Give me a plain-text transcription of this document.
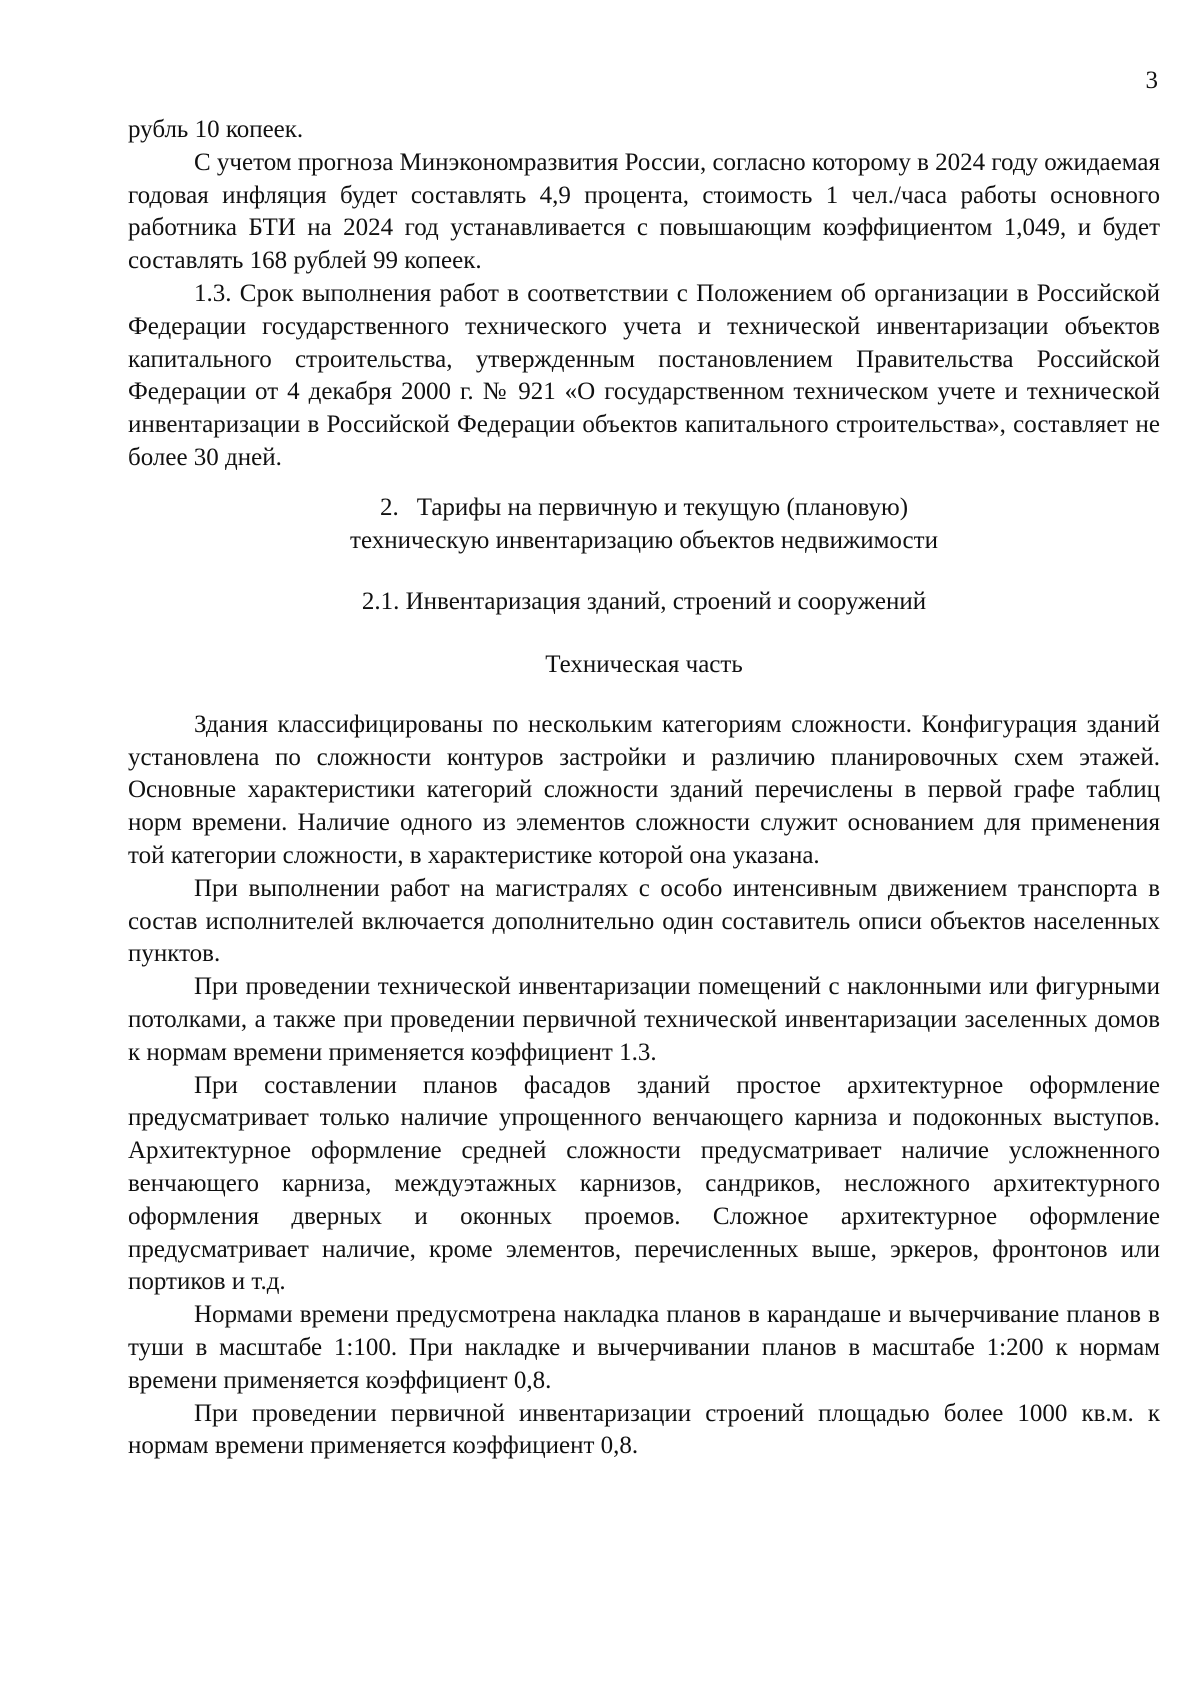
3

рубль 10 копеек.

С учетом прогноза Минэкономразвития России, согласно которому в 2024 году ожидаемая годовая инфляция будет составлять 4,9 процента, стоимость 1 чел./часа работы основного работника БТИ на 2024 год устанавливается с повышающим коэффициентом 1,049, и будет составлять 168 рублей 99 копеек.

1.3. Срок выполнения работ в соответствии с Положением об организации в Российской Федерации государственного технического учета и технической инвентаризации объектов капитального строительства, утвержденным постановлением Правительства Российской Федерации от 4 декабря 2000 г. № 921 «О государственном техническом учете и технической инвентаризации в Российской Федерации объектов капитального строительства», составляет не более 30 дней.

2. Тарифы на первичную и текущую (плановую)
техническую инвентаризацию объектов недвижимости
2.1. Инвентаризация зданий, строений и сооружений
Техническая часть

Здания классифицированы по нескольким категориям сложности. Конфигурация зданий установлена по сложности контуров застройки и различию планировочных схем этажей. Основные характеристики категорий сложности зданий перечислены в первой графе таблиц норм времени. Наличие одного из элементов сложности служит основанием для применения той категории сложности, в характеристике которой она указана.

При выполнении работ на магистралях с особо интенсивным движением транспорта в состав исполнителей включается дополнительно один составитель описи объектов населенных пунктов.

При проведении технической инвентаризации помещений с наклонными или фигурными потолками, а также при проведении первичной технической инвентаризации заселенных домов к нормам времени применяется коэффициент 1.3.

При составлении планов фасадов зданий простое архитектурное оформление предусматривает только наличие упрощенного венчающего карниза и подоконных выступов. Архитектурное оформление средней сложности предусматривает наличие усложненного венчающего карниза, междуэтажных карнизов, сандриков, несложного архитектурного оформления дверных и оконных проемов. Сложное архитектурное оформление предусматривает наличие, кроме элементов, перечисленных выше, эркеров, фронтонов или портиков и т.д.

Нормами времени предусмотрена накладка планов в карандаше и вычерчивание планов в туши в масштабе 1:100. При накладке и вычерчивании планов в масштабе 1:200 к нормам времени применяется коэффициент 0,8.

При проведении первичной инвентаризации строений площадью более 1000 кв.м. к нормам времени применяется коэффициент 0,8.
